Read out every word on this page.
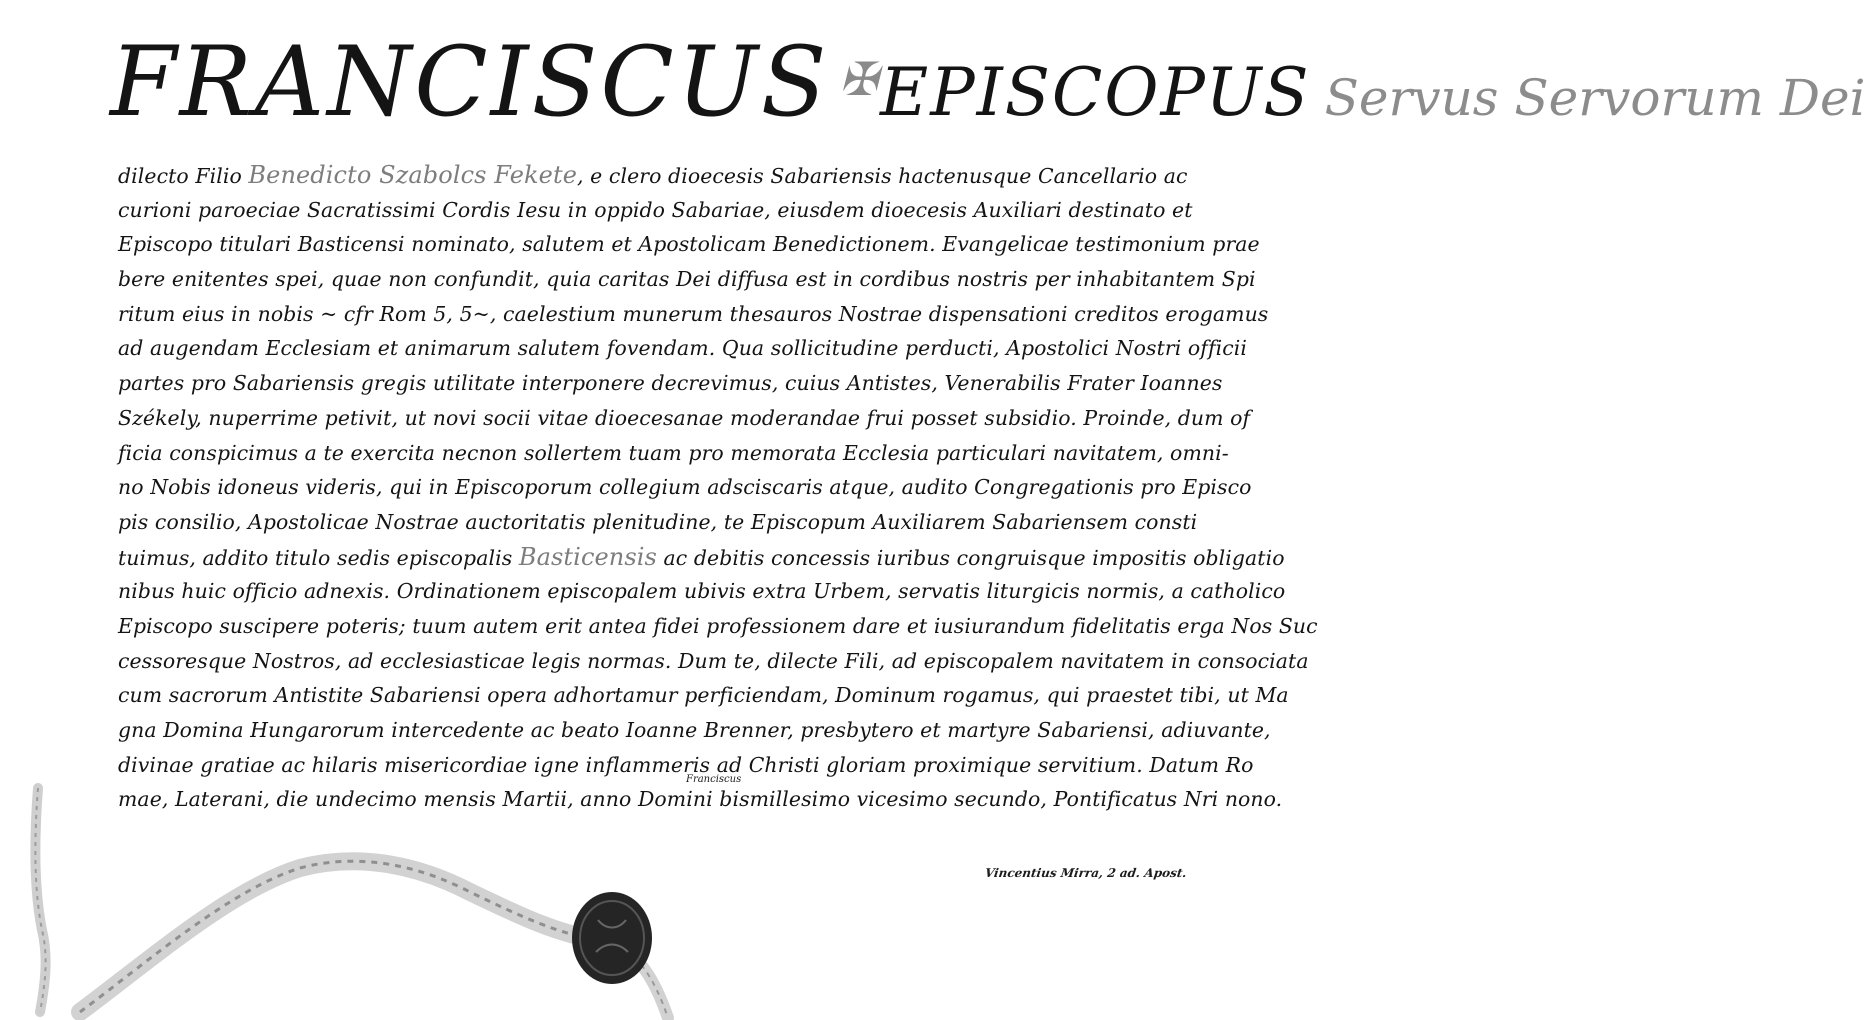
FRANCISCUS ✠EPISCOPUS Servus Servorum Dei
dilecto Filio Benedicto Szabolcs Fekete, e clero dioecesis Sabariensis hactenusque Cancellario ac
curioni paroeciae Sacratissimi Cordis Iesu in oppido Sabariae, eiusdem dioecesis Auxiliari destinato et
Episcopo titulari Basticensi nominato, salutem et Apostolicam Benedictionem. Evangelicae testimonium prae
bere enitentes spei, quae non confundit, quia caritas Dei diffusa est in cordibus nostris per inhabitantem Spi
ritum eius in nobis ~ cfr Rom 5, 5~, caelestium munerum thesauros Nostrae dispensationi creditos erogamus
ad augendam Ecclesiam et animarum salutem fovendam. Qua sollicitudine perducti, Apostolici Nostri officii
partes pro Sabariensis gregis utilitate interponere decrevimus, cuius Antistes, Venerabilis Frater Ioannes
Székely, nuperrime petivit, ut novi socii vitae dioecesanae moderandae frui posset subsidio. Proinde, dum of
ficia conspicimus a te exercita necnon sollertem tuam pro memorata Ecclesia particulari navitatem, omni-
no Nobis idoneus videris, qui in Episcoporum collegium adsciscaris atque, audito Congregationis pro Episco
pis consilio, Apostolicae Nostrae auctoritatis plenitudine, te Episcopum Auxiliarem Sabariensem consti
tuimus, addito titulo sedis episcopalis Basticensis ac debitis concessis iuribus congruisque impositis obligatio
nibus huic officio adnexis. Ordinationem episcopalem ubivis extra Urbem, servatis liturgicis normis, a catholico
Episcopo suscipere poteris; tuum autem erit antea fidei professionem dare et iusiurandum fidelitatis erga Nos Suc
cessoresque Nostros, ad ecclesiasticae legis normas. Dum te, dilecte Fili, ad episcopalem navitatem in consociata
cum sacrorum Antistite Sabariensi opera adhortamur perficiendam, Dominum rogamus, qui praestet tibi, ut Ma
gna Domina Hungarorum intercedente ac beato Ioanne Brenner, presbytero et martyre Sabariensi, adiuvante,
divinae gratiae ac hilaris misericordiae igne inflammeris ad Christi gloriam proximique servitium. Datum Ro
mae, Laterani, die undecimo mensis Martii, anno Domini bismillesimo vicesimo secundo, Pontificatus Nri nono.
Franciscus
Vincentius Mirra, 2 ad. Apost.
